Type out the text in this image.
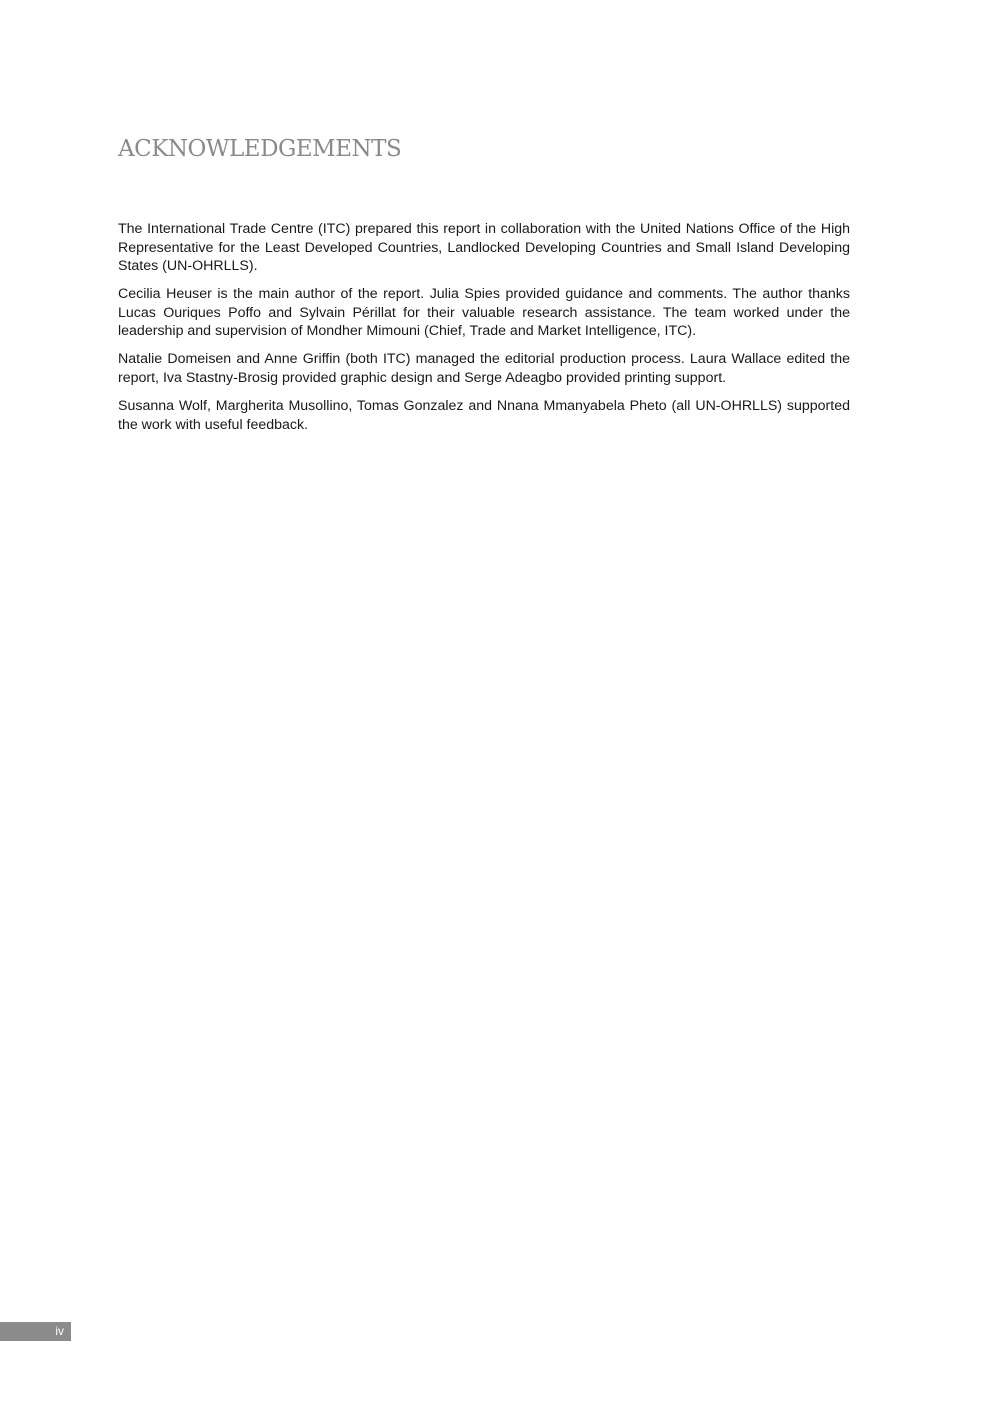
ACKNOWLEDGEMENTS

The International Trade Centre (ITC) prepared this report in collaboration with the United Nations Office of the High Representative for the Least Developed Countries, Landlocked Developing Countries and Small Island Developing States (UN-OHRLLS).

Cecilia Heuser is the main author of the report. Julia Spies provided guidance and comments. The author thanks Lucas Ouriques Poffo and Sylvain Périllat for their valuable research assistance. The team worked under the leadership and supervision of Mondher Mimouni (Chief, Trade and Market Intelligence, ITC).

Natalie Domeisen and Anne Griffin (both ITC) managed the editorial production process. Laura Wallace edited the report, Iva Stastny-Brosig provided graphic design and Serge Adeagbo provided printing support.

Susanna Wolf, Margherita Musollino, Tomas Gonzalez and Nnana Mmanyabela Pheto (all UN-OHRLLS) supported the work with useful feedback.

iv
